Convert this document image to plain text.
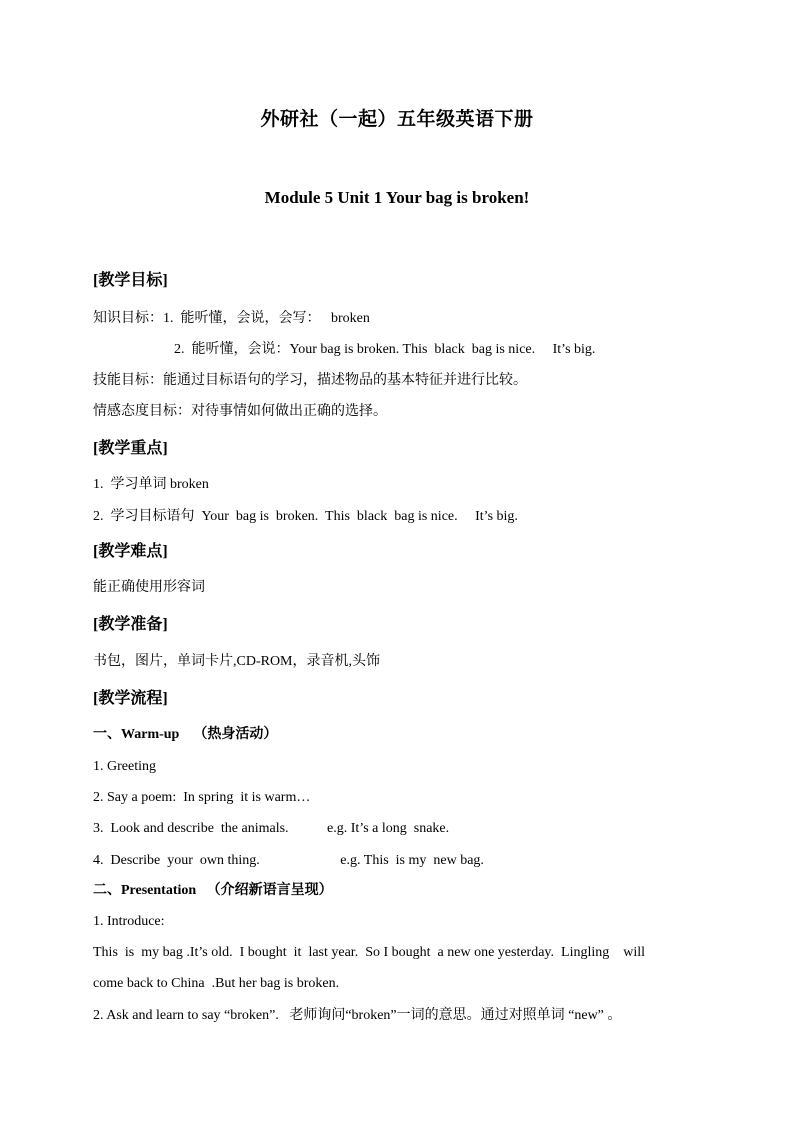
外研社（一起）五年级英语下册
Module 5 Unit 1 Your bag is broken!
[教学目标]
知识目标：1.  能听懂，会说，会写：   broken
2.  能听懂，会说：Your bag is broken. This  black  bag is nice.     It’s big.
技能目标：能通过目标语句的学习，描述物品的基本特征并进行比较。
情感态度目标：对待事情如何做出正确的选择。
[教学重点]
1.  学习单词 broken
2.  学习目标语句  Your  bag is  broken.  This  black  bag is nice.     It’s big.
[教学难点]
能正确使用形容词
[教学准备]
书包，图片，单词卡片,CD-ROM，录音机,头饰
[教学流程]
一、Warm-up    （热身活动）
1. Greeting
2. Say a poem:  In spring  it is warm…
3.  Look and describe  the animals.           e.g. It’s a long  snake.
4.  Describe  your  own thing.                       e.g. This  is my  new bag.
二、Presentation   （介绍新语言呈现）
1. Introduce:
This  is  my bag .It’s old.  I bought  it  last year.  So I bought  a new one yesterday.  Lingling    will
come back to China  .But her bag is broken.
2. Ask and learn to say “broken”.   老师询问“broken”一词的意思。通过对照单词 “new” 。
